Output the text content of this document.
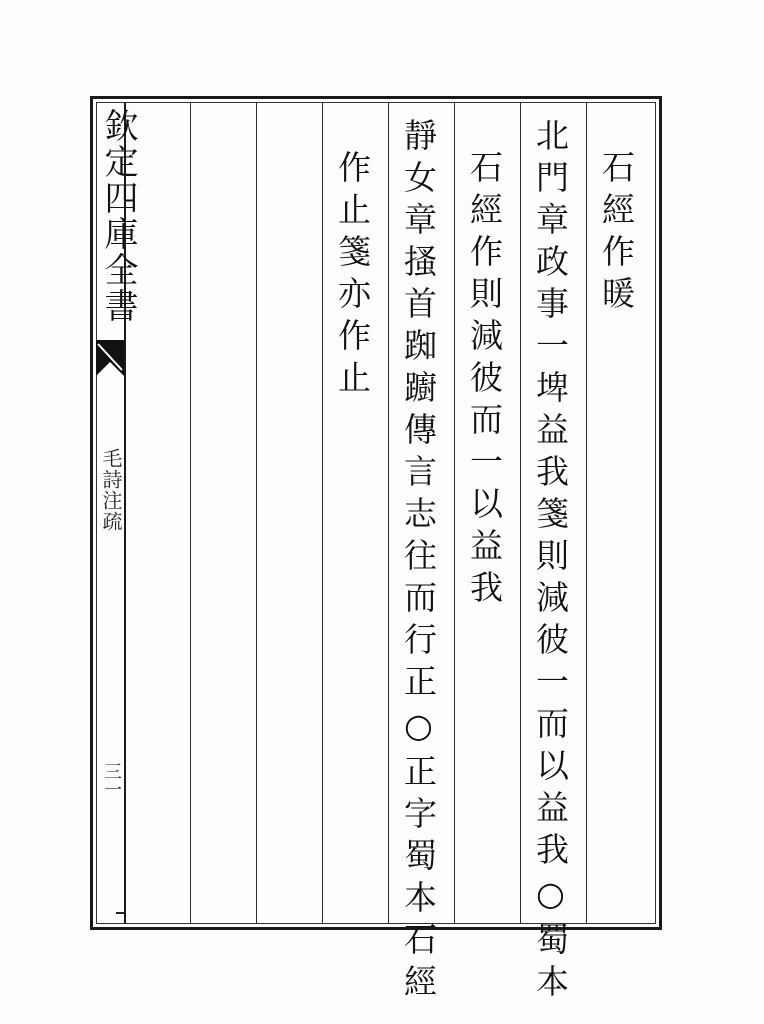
欽定四庫全書
毛詩注疏
三一
石經作暖
北門章政事一埤益我箋則減彼一而以益我○蜀本
石經作則減彼而一以益我
靜女章搔首踟躕傳言志往而行正○正字蜀本石經
作止箋亦作止
